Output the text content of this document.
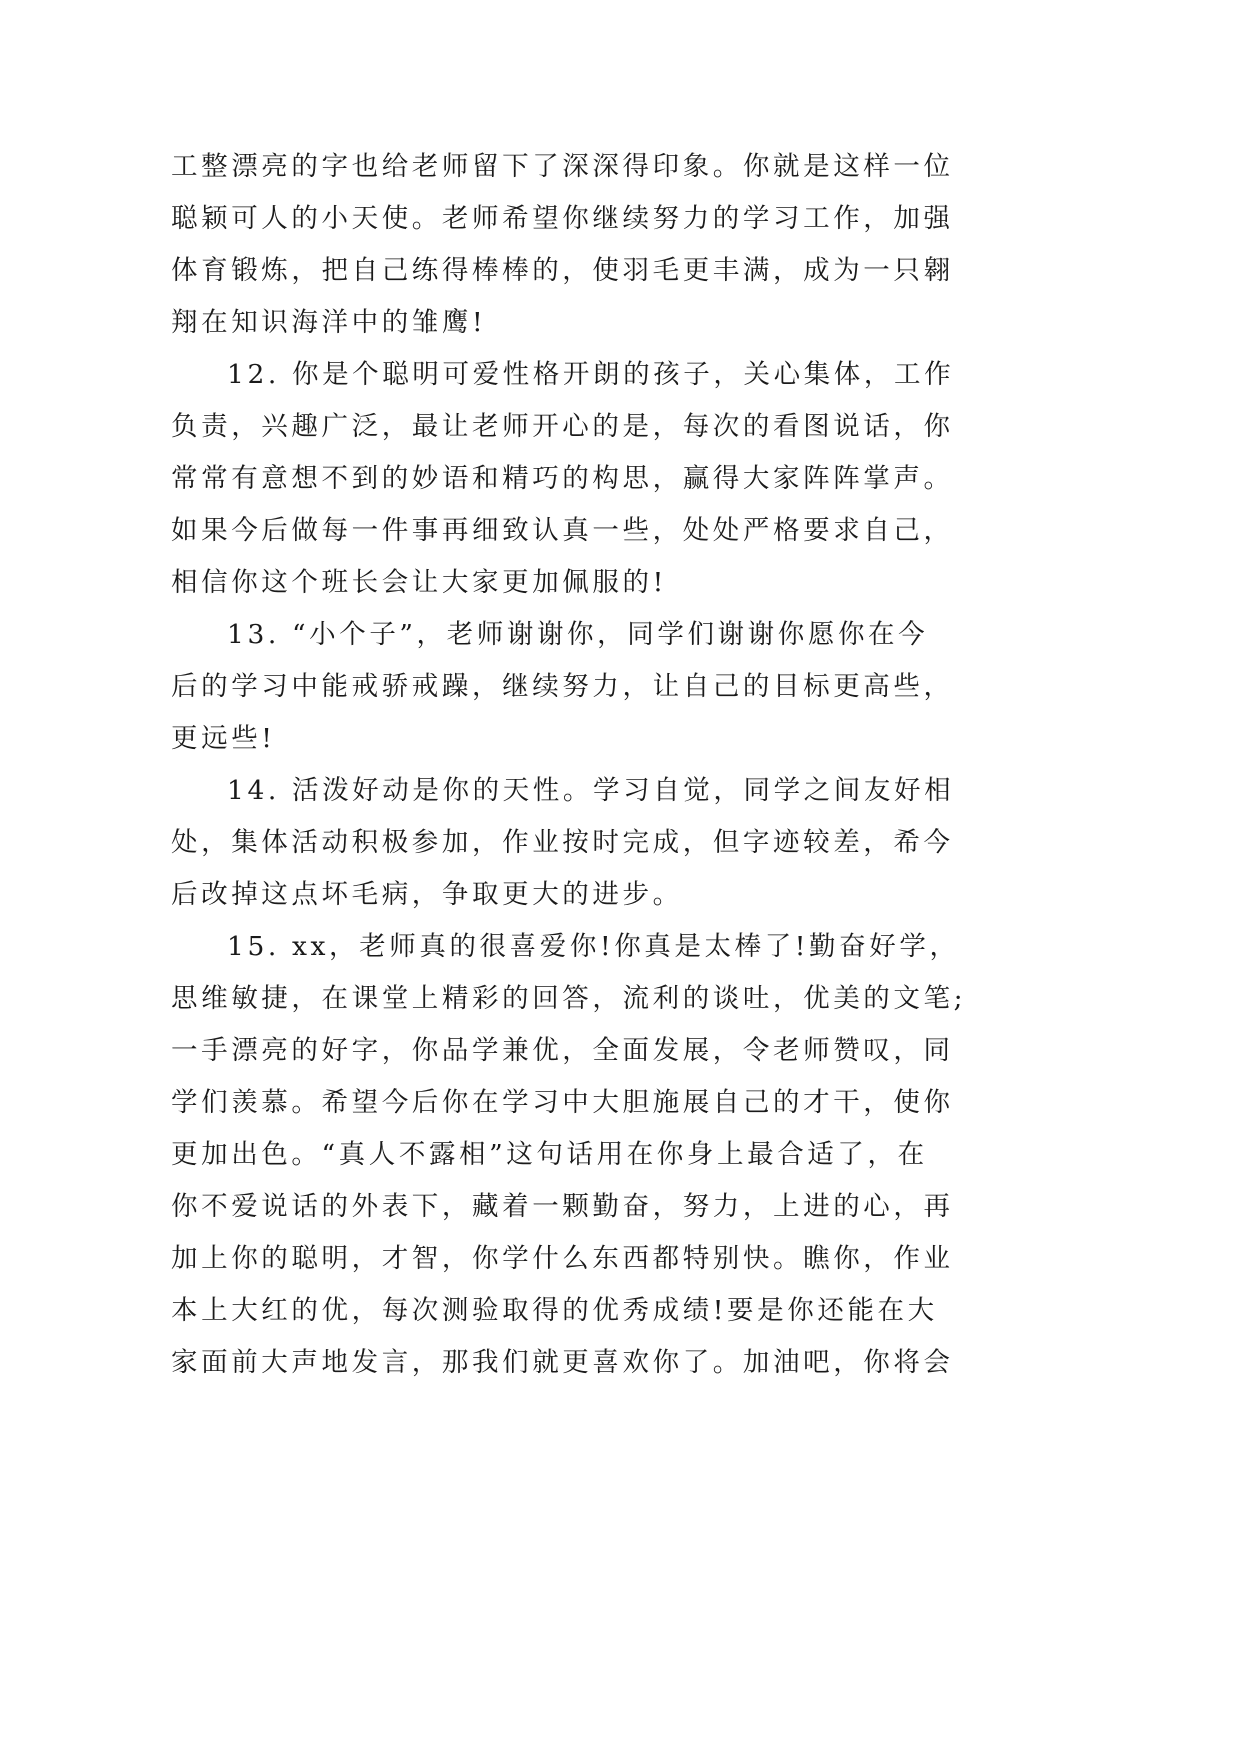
工整漂亮的字也给老师留下了深深得印象。你就是这样一位
聪颖可人的小天使。老师希望你继续努力的学习工作，加强
体育锻炼，把自己练得棒棒的，使羽毛更丰满，成为一只翱
翔在知识海洋中的雏鹰!
12. 你是个聪明可爱性格开朗的孩子，关心集体，工作
负责，兴趣广泛，最让老师开心的是，每次的看图说话，你
常常有意想不到的妙语和精巧的构思，赢得大家阵阵掌声。
如果今后做每一件事再细致认真一些，处处严格要求自己，
相信你这个班长会让大家更加佩服的!
13. “小个子”，老师谢谢你，同学们谢谢你愿你在今
后的学习中能戒骄戒躁，继续努力，让自己的目标更高些，
更远些!
14. 活泼好动是你的天性。学习自觉，同学之间友好相
处，集体活动积极参加，作业按时完成，但字迹较差，希今
后改掉这点坏毛病，争取更大的进步。
15. xx，老师真的很喜爱你!你真是太棒了!勤奋好学，
思维敏捷，在课堂上精彩的回答，流利的谈吐，优美的文笔;
一手漂亮的好字，你品学兼优，全面发展，令老师赞叹，同
学们羡慕。希望今后你在学习中大胆施展自己的才干，使你
更加出色。“真人不露相”这句话用在你身上最合适了，在
你不爱说话的外表下，藏着一颗勤奋，努力，上进的心，再
加上你的聪明，才智，你学什么东西都特别快。瞧你，作业
本上大红的优，每次测验取得的优秀成绩!要是你还能在大
家面前大声地发言，那我们就更喜欢你了。加油吧，你将会
